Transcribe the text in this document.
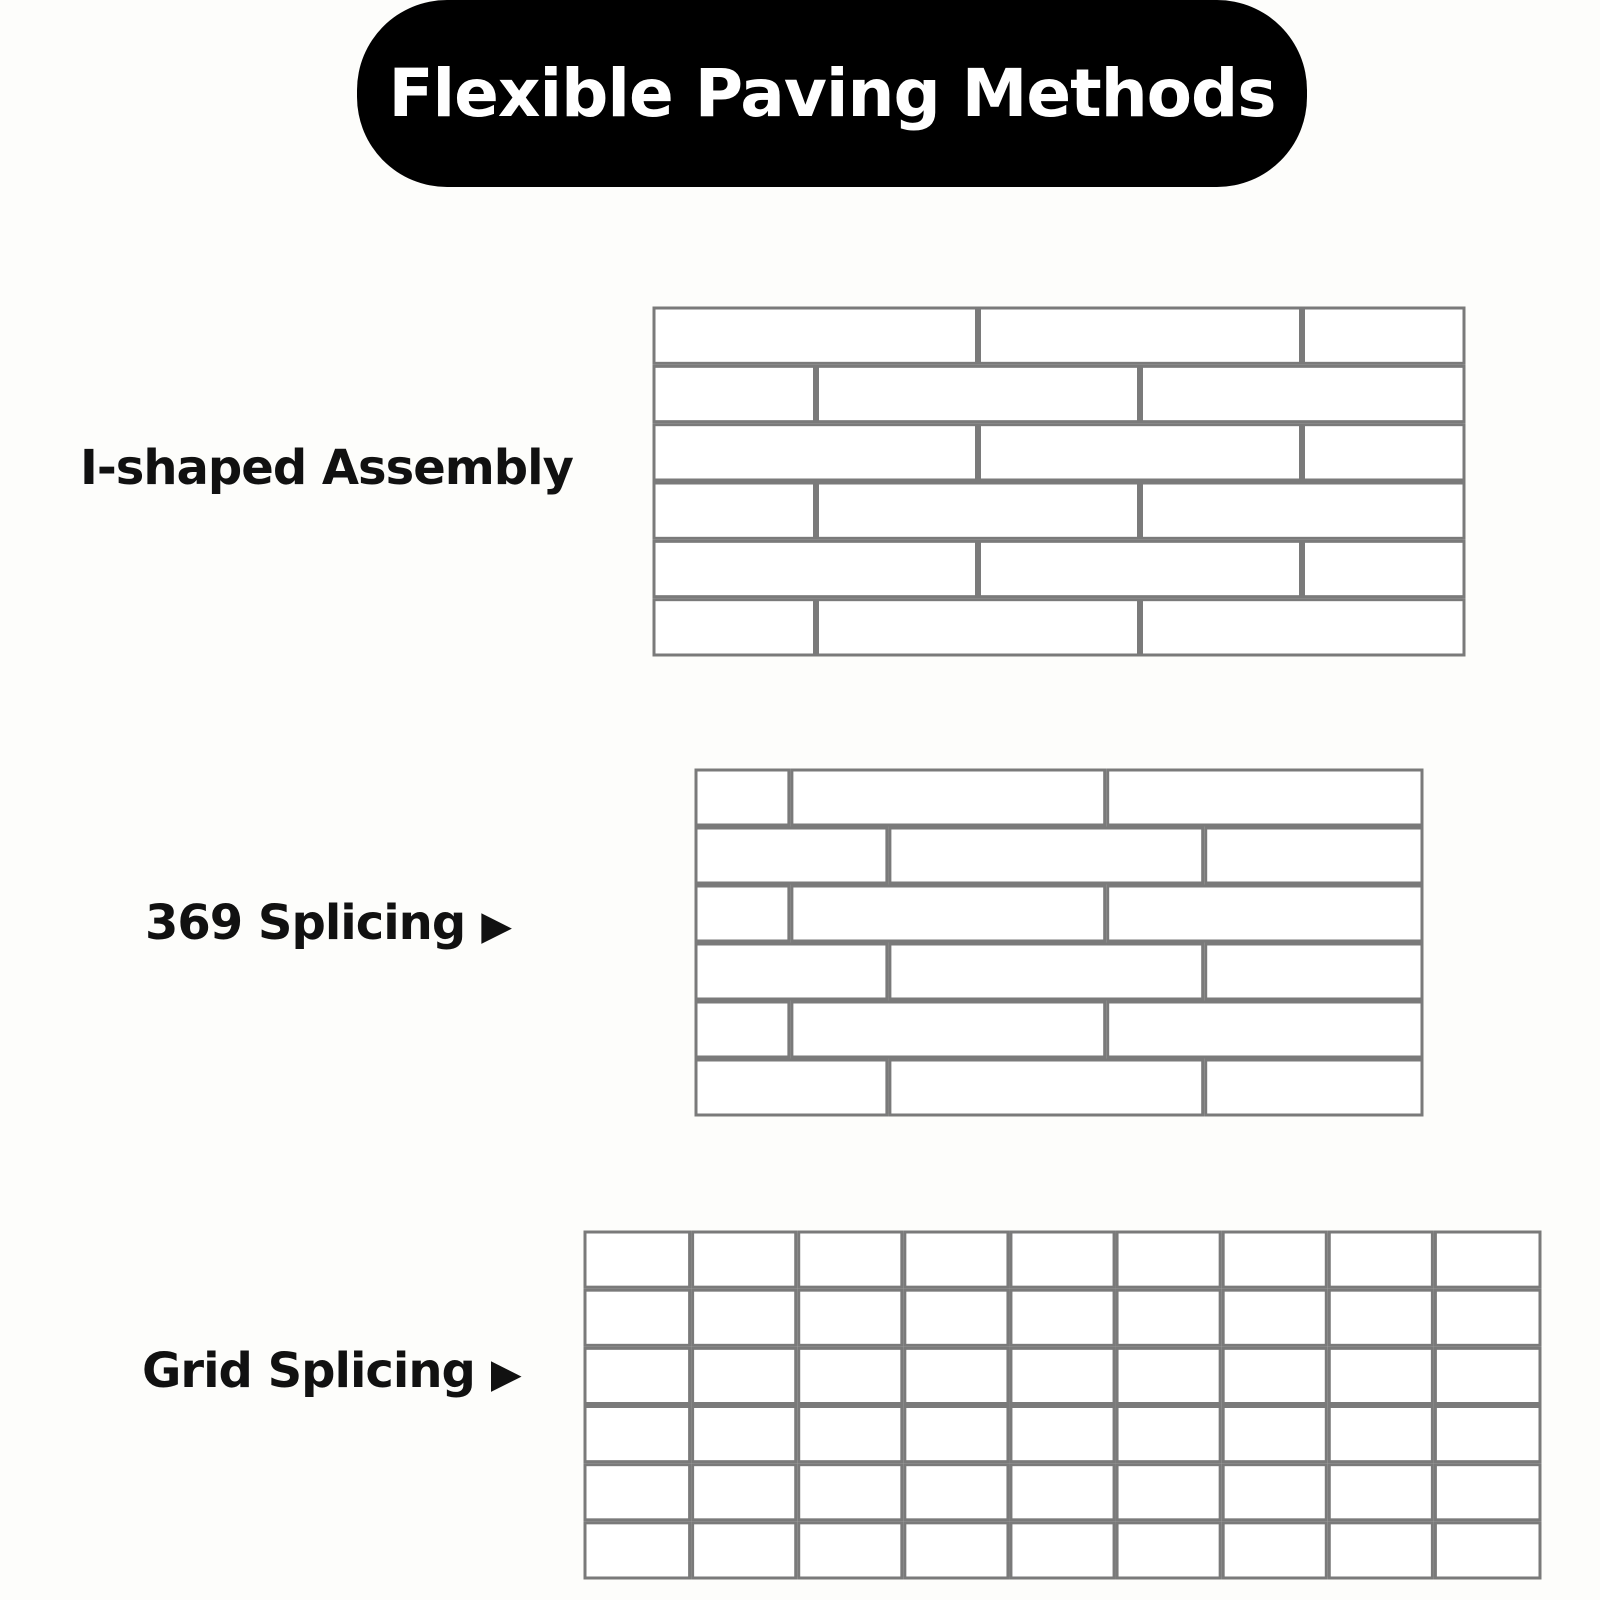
Flexible Paving Methods
I-shaped Assembly
369 Splicing ▶
Grid Splicing ▶
